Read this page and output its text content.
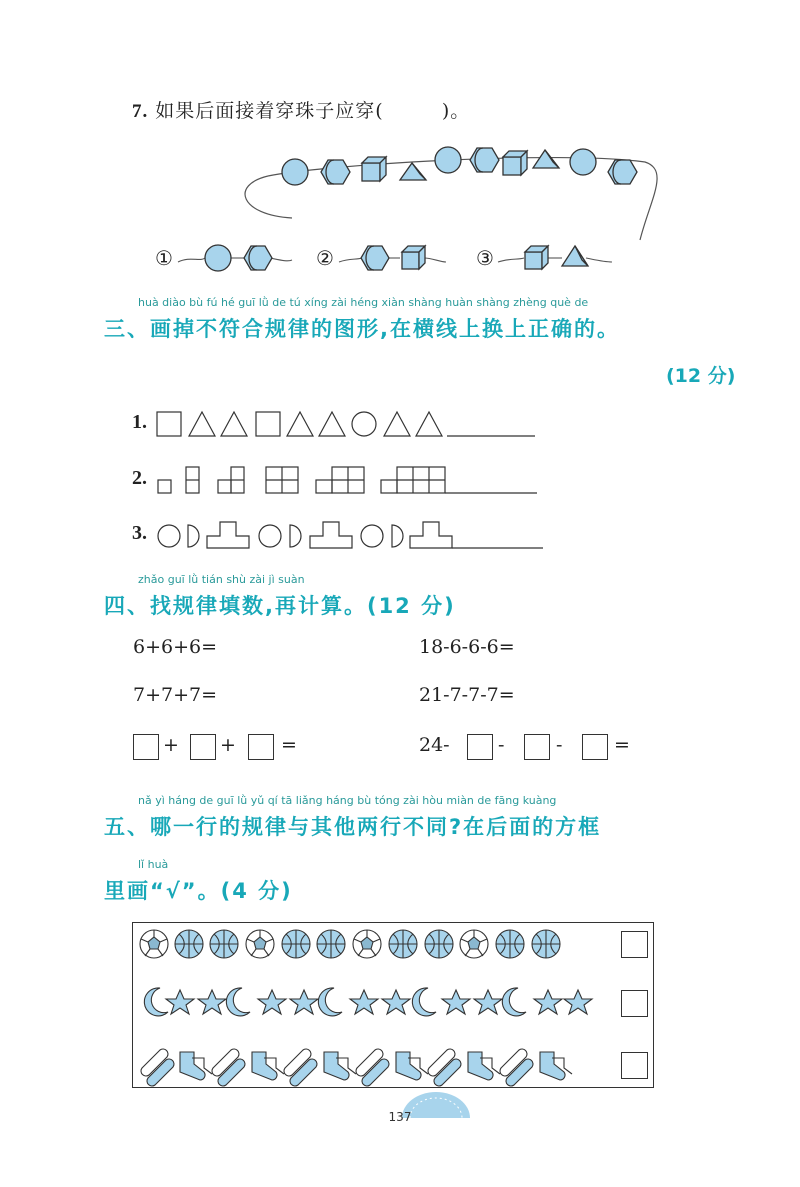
7. 如果后面接着穿珠子应穿(	)。
①	②	③
huà diào bù fú hé guī lǜ de tú xíng zài héng xiàn shàng huàn shàng zhèng què de
三、画掉不符合规律的图形,在横线上换上正确的。
(12 分)
1.
2.
3.
zhǎo guī lǜ tián shù zài jì suàn
四、找规律填数,再计算。(12 分)
6+6+6=	18-6-6-6=
7+7+7=	21-7-7-7=
+ + =	24-	-	-	=
nǎ yì háng de guī lǜ yǔ qí tā liǎng háng bù tóng zài hòu miàn de fāng kuàng
五、哪一行的规律与其他两行不同?在后面的方框
lǐ huà
里画“√”。(4 分)
137
